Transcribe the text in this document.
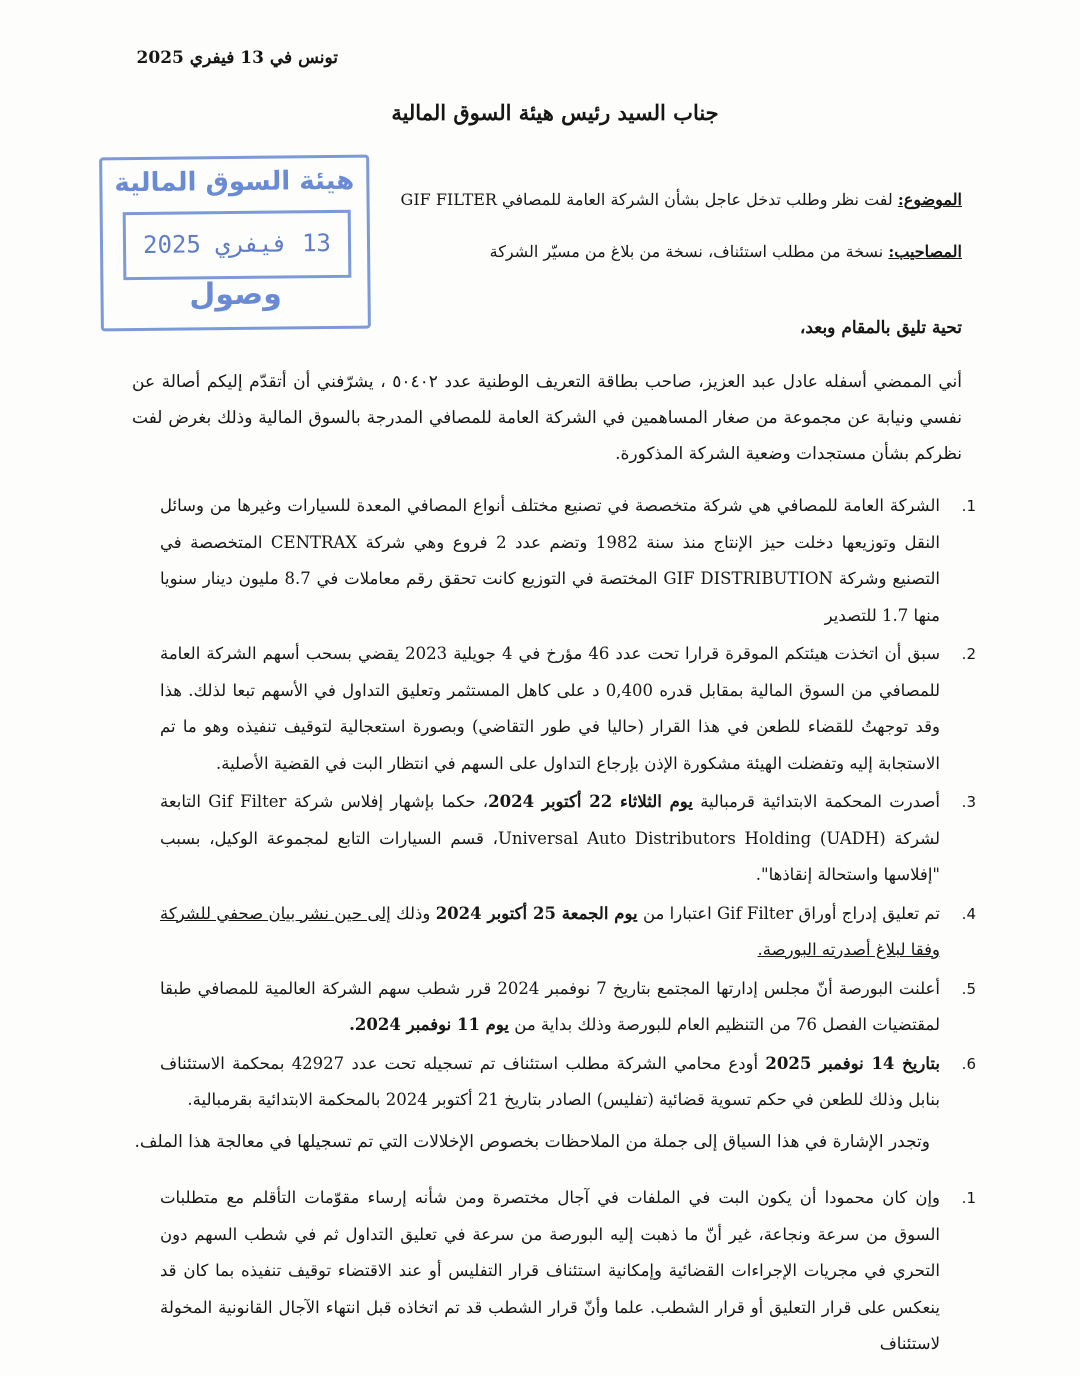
تونس في 13 فيفري 2025
جناب السيد رئيس هيئة السوق المالية
هيئة السوق المالية
13 فيفري 2025
وصول
الموضوع: لفت نظر وطلب تدخل عاجل بشأن الشركة العامة للمصافي GIF FILTER
المصاحيب: نسخة من مطلب استئناف، نسخة من بلاغ من مسيّر الشركة
تحية تليق بالمقام وبعد،
أني الممضي أسفله عادل عبد العزيز، صاحب بطاقة التعريف الوطنية عدد ٥٠٤٠٢ ، يشرّفني أن أتقدّم إليكم أصالة عن نفسي ونيابة عن مجموعة من صغار المساهمين في الشركة العامة للمصافي المدرجة بالسوق المالية وذلك بغرض لفت نظركم بشأن مستجدات وضعية الشركة المذكورة.
1.
الشركة العامة للمصافي هي شركة متخصصة في تصنيع مختلف أنواع المصافي المعدة للسيارات وغيرها من وسائل النقل وتوزيعها دخلت حيز الإنتاج منذ سنة 1982 وتضم عدد 2 فروع وهي شركة CENTRAX المتخصصة في التصنيع وشركة GIF DISTRIBUTION المختصة في التوزيع كانت تحقق رقم معاملات في 8.7 مليون دينار سنويا منها 1.7 للتصدير
2.
سبق أن اتخذت هيئتكم الموقرة قرارا تحت عدد 46 مؤرخ في 4 جويلية 2023 يقضي بسحب أسهم الشركة العامة للمصافي من السوق المالية بمقابل قدره 0,400 د على كاهل المستثمر وتعليق التداول في الأسهم تبعا لذلك. هذا وقد توجهتُ للقضاء للطعن في هذا القرار (حاليا في طور التقاضي) وبصورة استعجالية لتوقيف تنفيذه وهو ما تم الاستجابة إليه وتفضلت الهيئة مشكورة الإذن بإرجاع التداول على السهم في انتظار البت في القضية الأصلية.
3.
أصدرت المحكمة الابتدائية قرمبالية يوم الثلاثاء 22 أكتوبر 2024، حكما بإشهار إفلاس شركة Gif Filter التابعة لشركة Universal Auto Distributors Holding (UADH)، قسم السيارات التابع لمجموعة الوكيل، بسبب "إفلاسها واستحالة إنقاذها".
4.
تم تعليق إدراج أوراق Gif Filter اعتبارا من يوم الجمعة 25 أكتوبر 2024 وذلك إلى حين نشر بيان صحفي للشركة وفقا لبلاغ أصدرته البورصة.
5.
أعلنت البورصة أنّ مجلس إدارتها المجتمع بتاريخ 7 نوفمبر 2024 قرر شطب سهم الشركة العالمية للمصافي طبقا لمقتضيات الفصل 76 من التنظيم العام للبورصة وذلك بداية من يوم 11 نوفمبر 2024.
6.
بتاريخ 14 نوفمبر 2025 أودع محامي الشركة مطلب استئناف تم تسجيله تحت عدد 42927 بمحكمة الاستئناف بنابل وذلك للطعن في حكم تسوية قضائية (تفليس) الصادر بتاريخ 21 أكتوبر 2024 بالمحكمة الابتدائية بقرمبالية.
وتجدر الإشارة في هذا السياق إلى جملة من الملاحظات بخصوص الإخلالات التي تم تسجيلها في معالجة هذا الملف.
1.
وإن كان محمودا أن يكون البت في الملفات في آجال مختصرة ومن شأنه إرساء مقوّمات التأقلم مع متطلبات السوق من سرعة ونجاعة، غير أنّ ما ذهبت إليه البورصة من سرعة في تعليق التداول ثم في شطب السهم دون التحري في مجريات الإجراءات القضائية وإمكانية استئناف قرار التفليس أو عند الاقتضاء توقيف تنفيذه بما كان قد ينعكس على قرار التعليق أو قرار الشطب. علما وأنّ قرار الشطب قد تم اتخاذه قبل انتهاء الآجال القانونية المخولة لاستئناف
